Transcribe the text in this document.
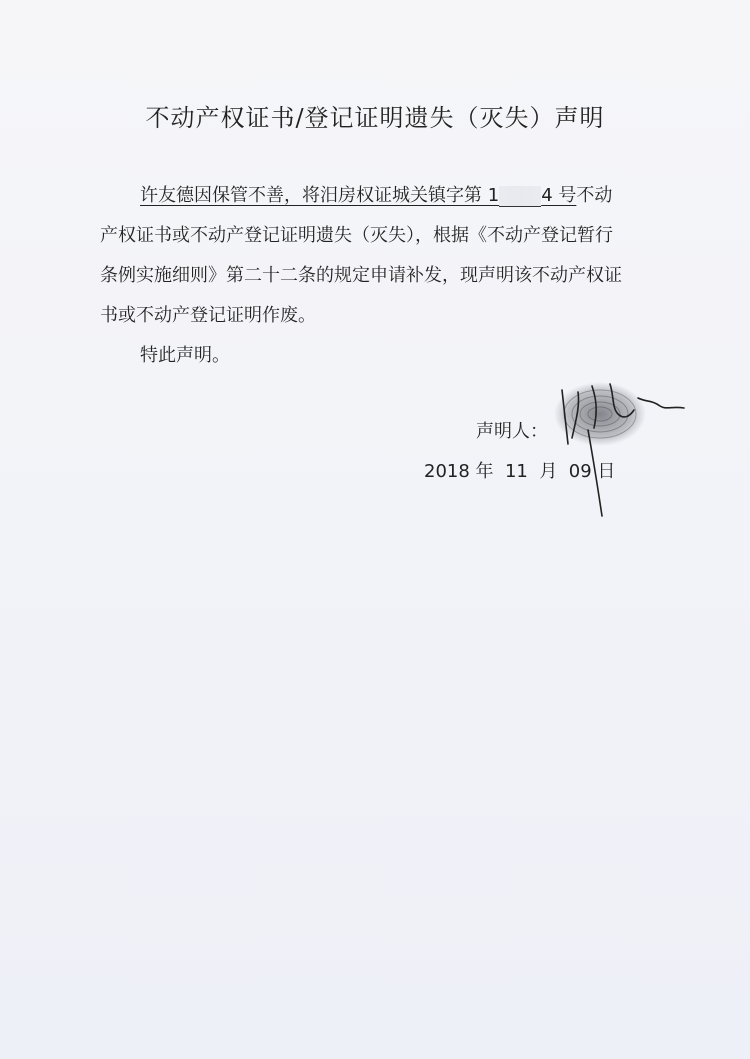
不动产权证书/登记证明遗失（灭失）声明
许友德因保管不善，将汨房权证城关镇字第 1 4 号不动产权证书或不动产登记证明遗失（灭失），根据《不动产登记暂行条例实施细则》第二十二条的规定申请补发，现声明该不动产权证书或不动产登记证明作废。
特此声明。
声明人：
2018 年  11  月  09 日
